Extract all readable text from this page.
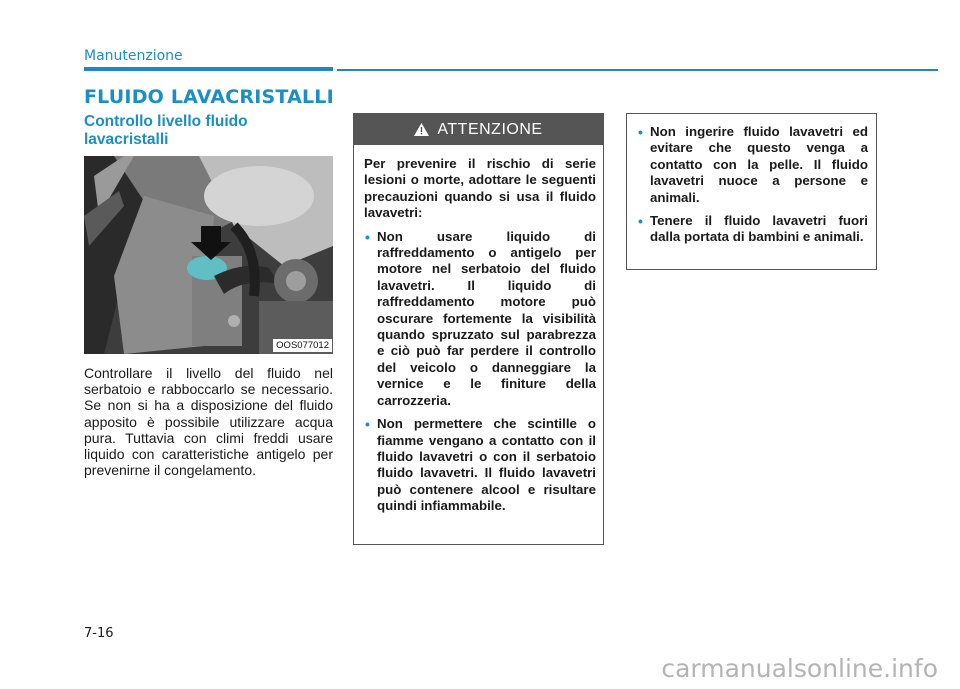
Manutenzione
FLUIDO LAVACRISTALLI
Controllo livello fluido lavacristalli
OOS077012

Controllare il livello del fluido nel serbatoio e rabboccarlo se necessario. Se non si ha a disposizione del fluido apposito è possibile utilizzare acqua pura. Tuttavia con climi freddi usare liquido con caratteristiche antigelo per prevenirne il congelamento.

ATTENZIONE

Per prevenire il rischio di serie lesioni o morte, adottare le seguenti precauzioni quando si usa il fluido lavavetri:

• Non usare liquido di raffreddamento o antigelo per motore nel serbatoio del fluido lavavetri. Il liquido di raffreddamento motore può oscurare fortemente la visibilità quando spruzzato sul parabrezza e ciò può far perdere il controllo del veicolo o danneggiare la vernice e le finiture della carrozzeria.
• Non permettere che scintille o fiamme vengano a contatto con il fluido lavavetri o con il serbatoio fluido lavavetri. Il fluido lavavetri può contenere alcool e risultare quindi infiammabile.
• Non ingerire fluido lavavetri ed evitare che questo venga a contatto con la pelle. Il fluido lavavetri nuoce a persone e animali.
• Tenere il fluido lavavetri fuori dalla portata di bambini e animali.
7-16
carmanualsonline.info
